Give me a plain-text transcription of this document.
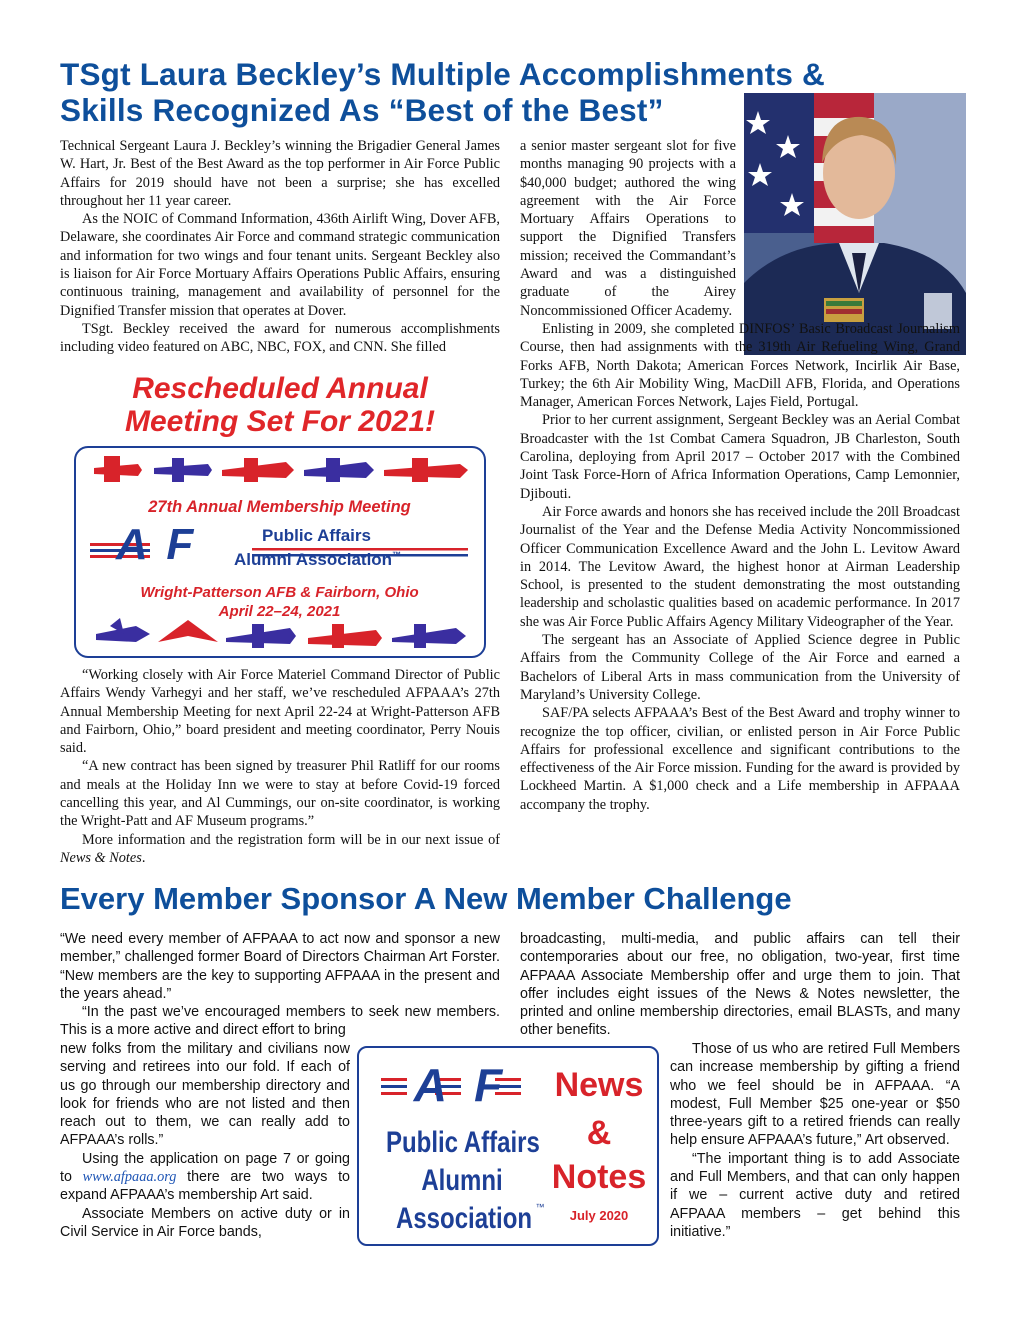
TSgt Laura Beckley’s Multiple Accomplishments &
Skills Recognized As “Best of the Best”

Technical Sergeant Laura J. Beckley’s winning the Brigadier General James W. Hart, Jr. Best of the Best Award as the top performer in Air Force Public Affairs for 2019 should have not been a surprise; she has excelled throughout her 11 year career.

As the NOIC of Command Information, 436th Airlift Wing, Dover AFB, Delaware, she coordinates Air Force and command strategic communication and information for two wings and four tenant units. Sergeant Beckley also is liaison for Air Force Mortuary Affairs Operations Public Affairs, ensuring continuous training, management and availability of personnel for the Dignified Transfer mission that operates at Dover.

TSgt. Beckley received the award for numerous accomplishments including video featured on ABC, NBC, FOX, and CNN. She filled

a senior master sergeant slot for five months managing 90 projects with a $40,000 budget; authored the wing agreement with the Air Force Mortuary Affairs Operations to support the Dignified Transfers mission; received the Commandant’s Award and was a distinguished graduate of the Airey Noncommissioned Officer Academy.

Enlisting in 2009, she completed DINFOS’ Basic Broadcast Journalism Course, then had assignments with the 319th Air Refueling Wing, Grand Forks AFB, North Dakota; American Forces Network, Incirlik Air Base, Turkey; the 6th Air Mobility Wing, MacDill AFB, Florida, and Operations Manager, American Forces Network, Lajes Field, Portugal.

Prior to her current assignment, Sergeant Beckley was an Aerial Combat Broadcaster with the 1st Combat Camera Squadron, JB Charleston, South Carolina, deploying from April 2017 – October 2017 with the Combined Joint Task Force-Horn of Africa Information Operations, Camp Lemonnier, Djibouti.

Air Force awards and honors she has received include the 20ll Broadcast Journalist of the Year and the Defense Media Activity Noncommissioned Officer Communication Excellence Award and the John L. Levitow Award in 2014. The Levitow Award, the highest honor at Airman Leadership School, is presented to the student demonstrating the most outstanding leadership and scholastic qualities based on academic performance. In 2017 she was Air Force Public Affairs Agency Military Videographer of the Year.

The sergeant has an Associate of Applied Science degree in Public Affairs from the Community College of the Air Force and earned a Bachelors of Liberal Arts in mass communication from the University of Maryland’s University College.

SAF/PA selects AFPAAA’s Best of the Best Award and trophy winner to recognize the top officer, civilian, or enlisted person in Air Force Public Affairs for professional excellence and significant contributions to the effectiveness of the Air Force mission. Funding for the award is provided by Lockheed Martin. A $1,000 check and a Life membership in AFPAAA accompany the trophy.

Rescheduled Annual
Meeting Set For 2021!
27th Annual Membership Meeting
A F	Public Affairs
Alumni Association™
Wright-Patterson AFB & Fairborn, Ohio
April 22–24, 2021

“Working closely with Air Force Materiel Command Director of Public Affairs Wendy Varhegyi and her staff, we’ve rescheduled AFPAAA’s 27th Annual Membership Meeting for next April 22-24 at Wright-Patterson AFB and Fairborn, Ohio,” board president and meeting coordinator, Perry Nouis said.

“A new contract has been signed by treasurer Phil Ratliff for our rooms and meals at the Holiday Inn we were to stay at before Covid-19 forced cancelling this year, and Al Cummings, our on-site coordinator, is working the Wright-Patt and AF Museum programs.”

More information and the registration form will be in our next issue of News & Notes.

Every Member Sponsor A New Member Challenge

“We need every member of AFPAAA to act now and sponsor a new member,” challenged former Board of Directors Chairman Art Forster. “New members are the key to supporting AFPAAA in the present and the years ahead.”

“In the past we’ve encouraged members to seek new members. This is a more active and direct effort to bring

new folks from the military and civilians now serving and retirees into our fold. If each of us go through our membership directory and look for friends who are not listed and then reach out to them, we can really add to AFPAAA’s rolls.”

Using the application on page 7 or going to www.afpaaa.org there are two ways to expand AFPAAA’s membership Art said.

Associate Members on active duty or in Civil Service in Air Force bands,

broadcasting, multi-media, and public affairs can tell their contemporaries about our free, no obligation, two-year, first time AFPAAA Associate Membership offer and urge them to join. That offer includes eight issues of the News & Notes newsletter, the printed and online membership directories, email BLASTs, and many other benefits.

Those of us who are retired Full Members can increase membership by gifting a friend who we feel should be in AFPAAA. “A modest, Full Member $25 one-year or $50 three-years gift to a retired friends can really help ensure AFPAAA’s future,” Art observed.

“The important thing is to add Associate and Full Members, and that can only happen if we – current active duty and retired AFPAAA members – get behind this initiative.”

A F
Public Affairs
Alumni
Association ™
News
&
Notes
July 2020
